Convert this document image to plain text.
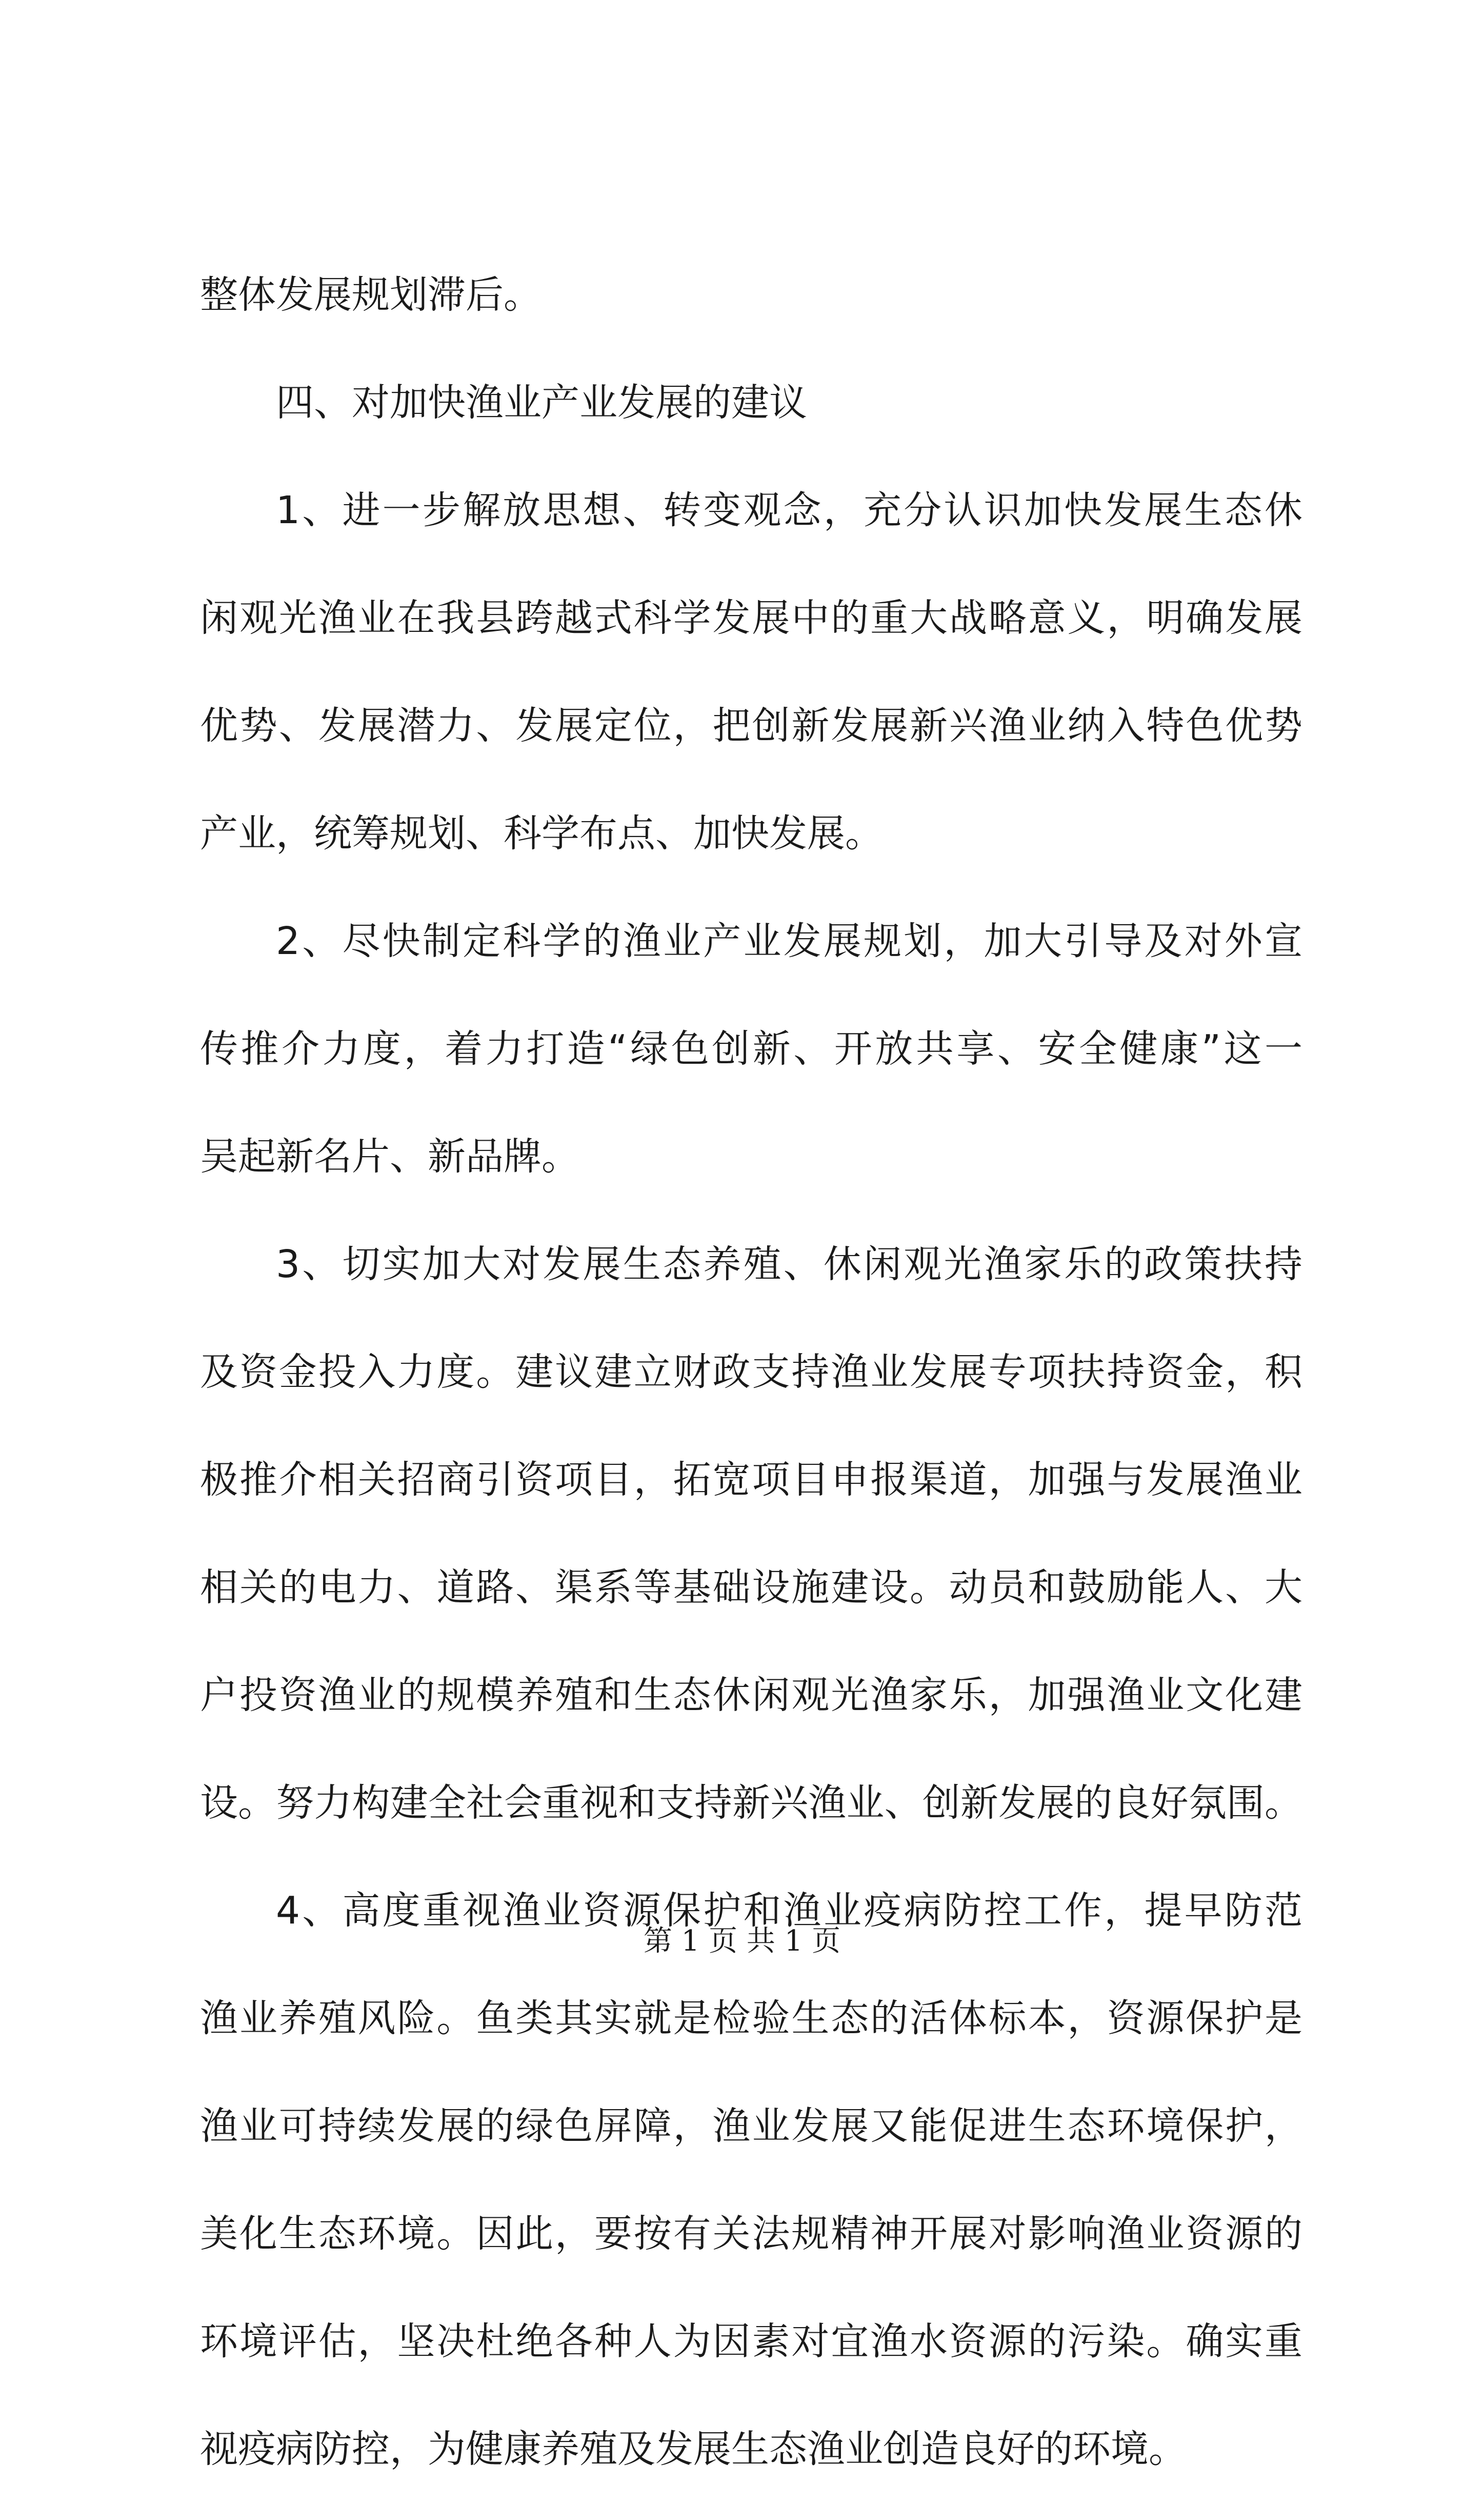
整体发展规划滞后。
四、对加快渔业产业发展的建议
1、进一步解放思想、转变观念，充分认识加快发展生态休
闲观光渔业在我县跨越式科学发展中的重大战略意义，明确发展
优势、发展潜力、发展定位，把创新发展新兴渔业纳入特色优势
产业，统筹规划、科学布点、加快发展。
2、尽快制定科学的渔业产业发展规划，加大引导及对外宣
传推介力度，着力打造“绿色创新、开放共享、安全健康”这一
吴起新名片、新品牌。
3、切实加大对发展生态养殖、休闲观光渔家乐的政策扶持
及资金投入力度。建议建立财政支持渔业发展专项扶持资金，积
极推介相关招商引资项目，拓宽项目申报渠道，加强与发展渔业
相关的电力、道路、渠系等基础设施建设。动员和鼓励能人、大
户投资渔业的规模养殖和生态休闲观光渔家乐，加强渔业文化建
设。努力构建全社会重视和支持新兴渔业、创新发展的良好氛围。
4、高度重视渔业资源保护和渔业疫病防控工作，提早防范
渔业养殖风险。鱼类其实就是检验生态的活体标本，资源保护是
渔业可持续发展的绿色屏障，渔业发展又能促进生态环境保护，
美化生态环境。因此，要按有关法规精神开展对影响渔业资源的
环境评估，坚决杜绝各种人为因素对宜渔水资源的污染。确实重
视疫病防控，为健康养殖及发展生态渔业创造良好的环境。
第 1 页 共 1 页
